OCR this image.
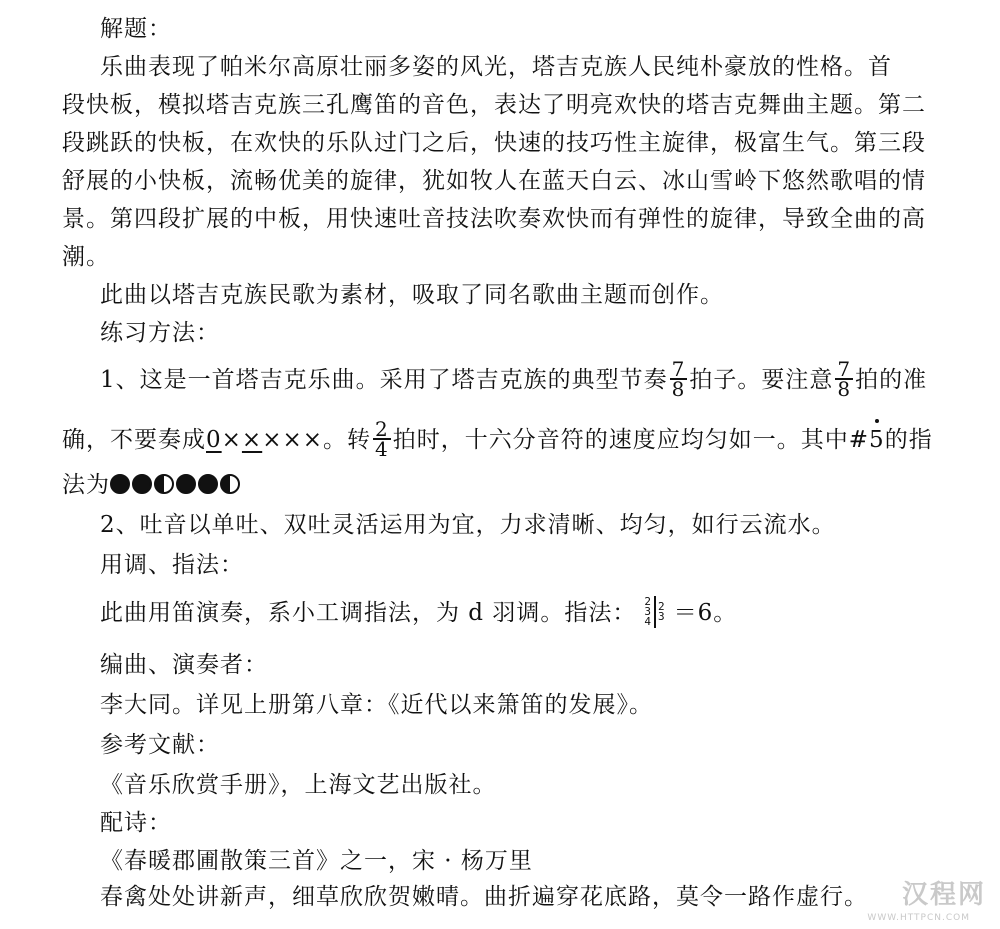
解题：
乐曲表现了帕米尔高原壮丽多姿的风光，塔吉克族人民纯朴豪放的性格。首
段快板，模拟塔吉克族三孔鹰笛的音色，表达了明亮欢快的塔吉克舞曲主题。第二
段跳跃的快板，在欢快的乐队过门之后，快速的技巧性主旋律，极富生气。第三段
舒展的小快板，流畅优美的旋律，犹如牧人在蓝天白云、冰山雪岭下悠然歌唱的情
景。第四段扩展的中板，用快速吐音技法吹奏欢快而有弹性的旋律，导致全曲的高
潮。
此曲以塔吉克族民歌为素材，吸取了同名歌曲主题而创作。
练习方法：
1、这是一首塔吉克乐曲。采用了塔吉克族的典型节奏 $\frac{7}{8}$ 拍子。要注意 $\frac{7}{8}$ 拍的准
确，不要奏成0×××××。转 $\frac{2}{4}$ 拍时，十六分音符的速度应均匀如一。其中#
5的指
法为
2、吐音以单吐、双吐灵活运用为宜，力求清晰、均匀，如行云流水。
用调、指法：
此曲用笛演奏，系小工调指法，为 d 羽调。指法： 2
3
4
2
3 ＝6。
编曲、演奏者：
李大同。详见上册第八章：《近代以来箫笛的发展》。
参考文献：
《音乐欣赏手册》，上海文艺出版社。
配诗：
《春暖郡圃散策三首》之一，宋 · 杨万里
春禽处处讲新声，细草欣欣贺嫩晴。曲折遍穿花底路，莫令一路作虚行。	汉程网
WWW.HTTPCN.COM
